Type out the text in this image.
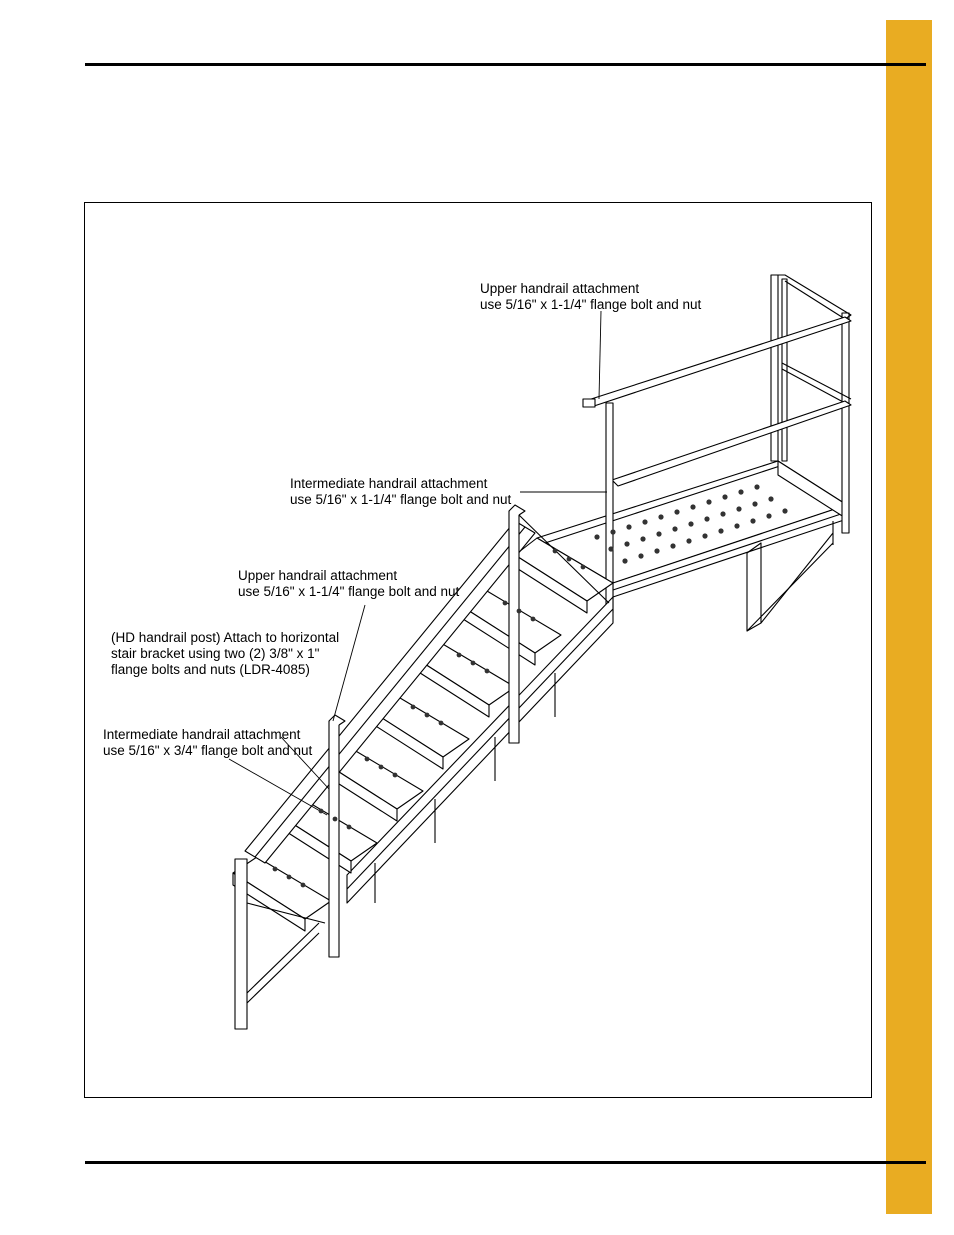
Upper handrail attachment
use 5/16" x 1-1/4" flange bolt and nut

Intermediate handrail attachment
use 5/16" x 1-1/4" flange bolt and nut

Upper handrail attachment
use 5/16" x 1-1/4" flange bolt and nut

(HD handrail post) Attach to horizontal
stair bracket using two (2) 3/8" x 1"
flange bolts and nuts (LDR-4085)

Intermediate handrail attachment
use 5/16" x 3/4" flange bolt and nut
